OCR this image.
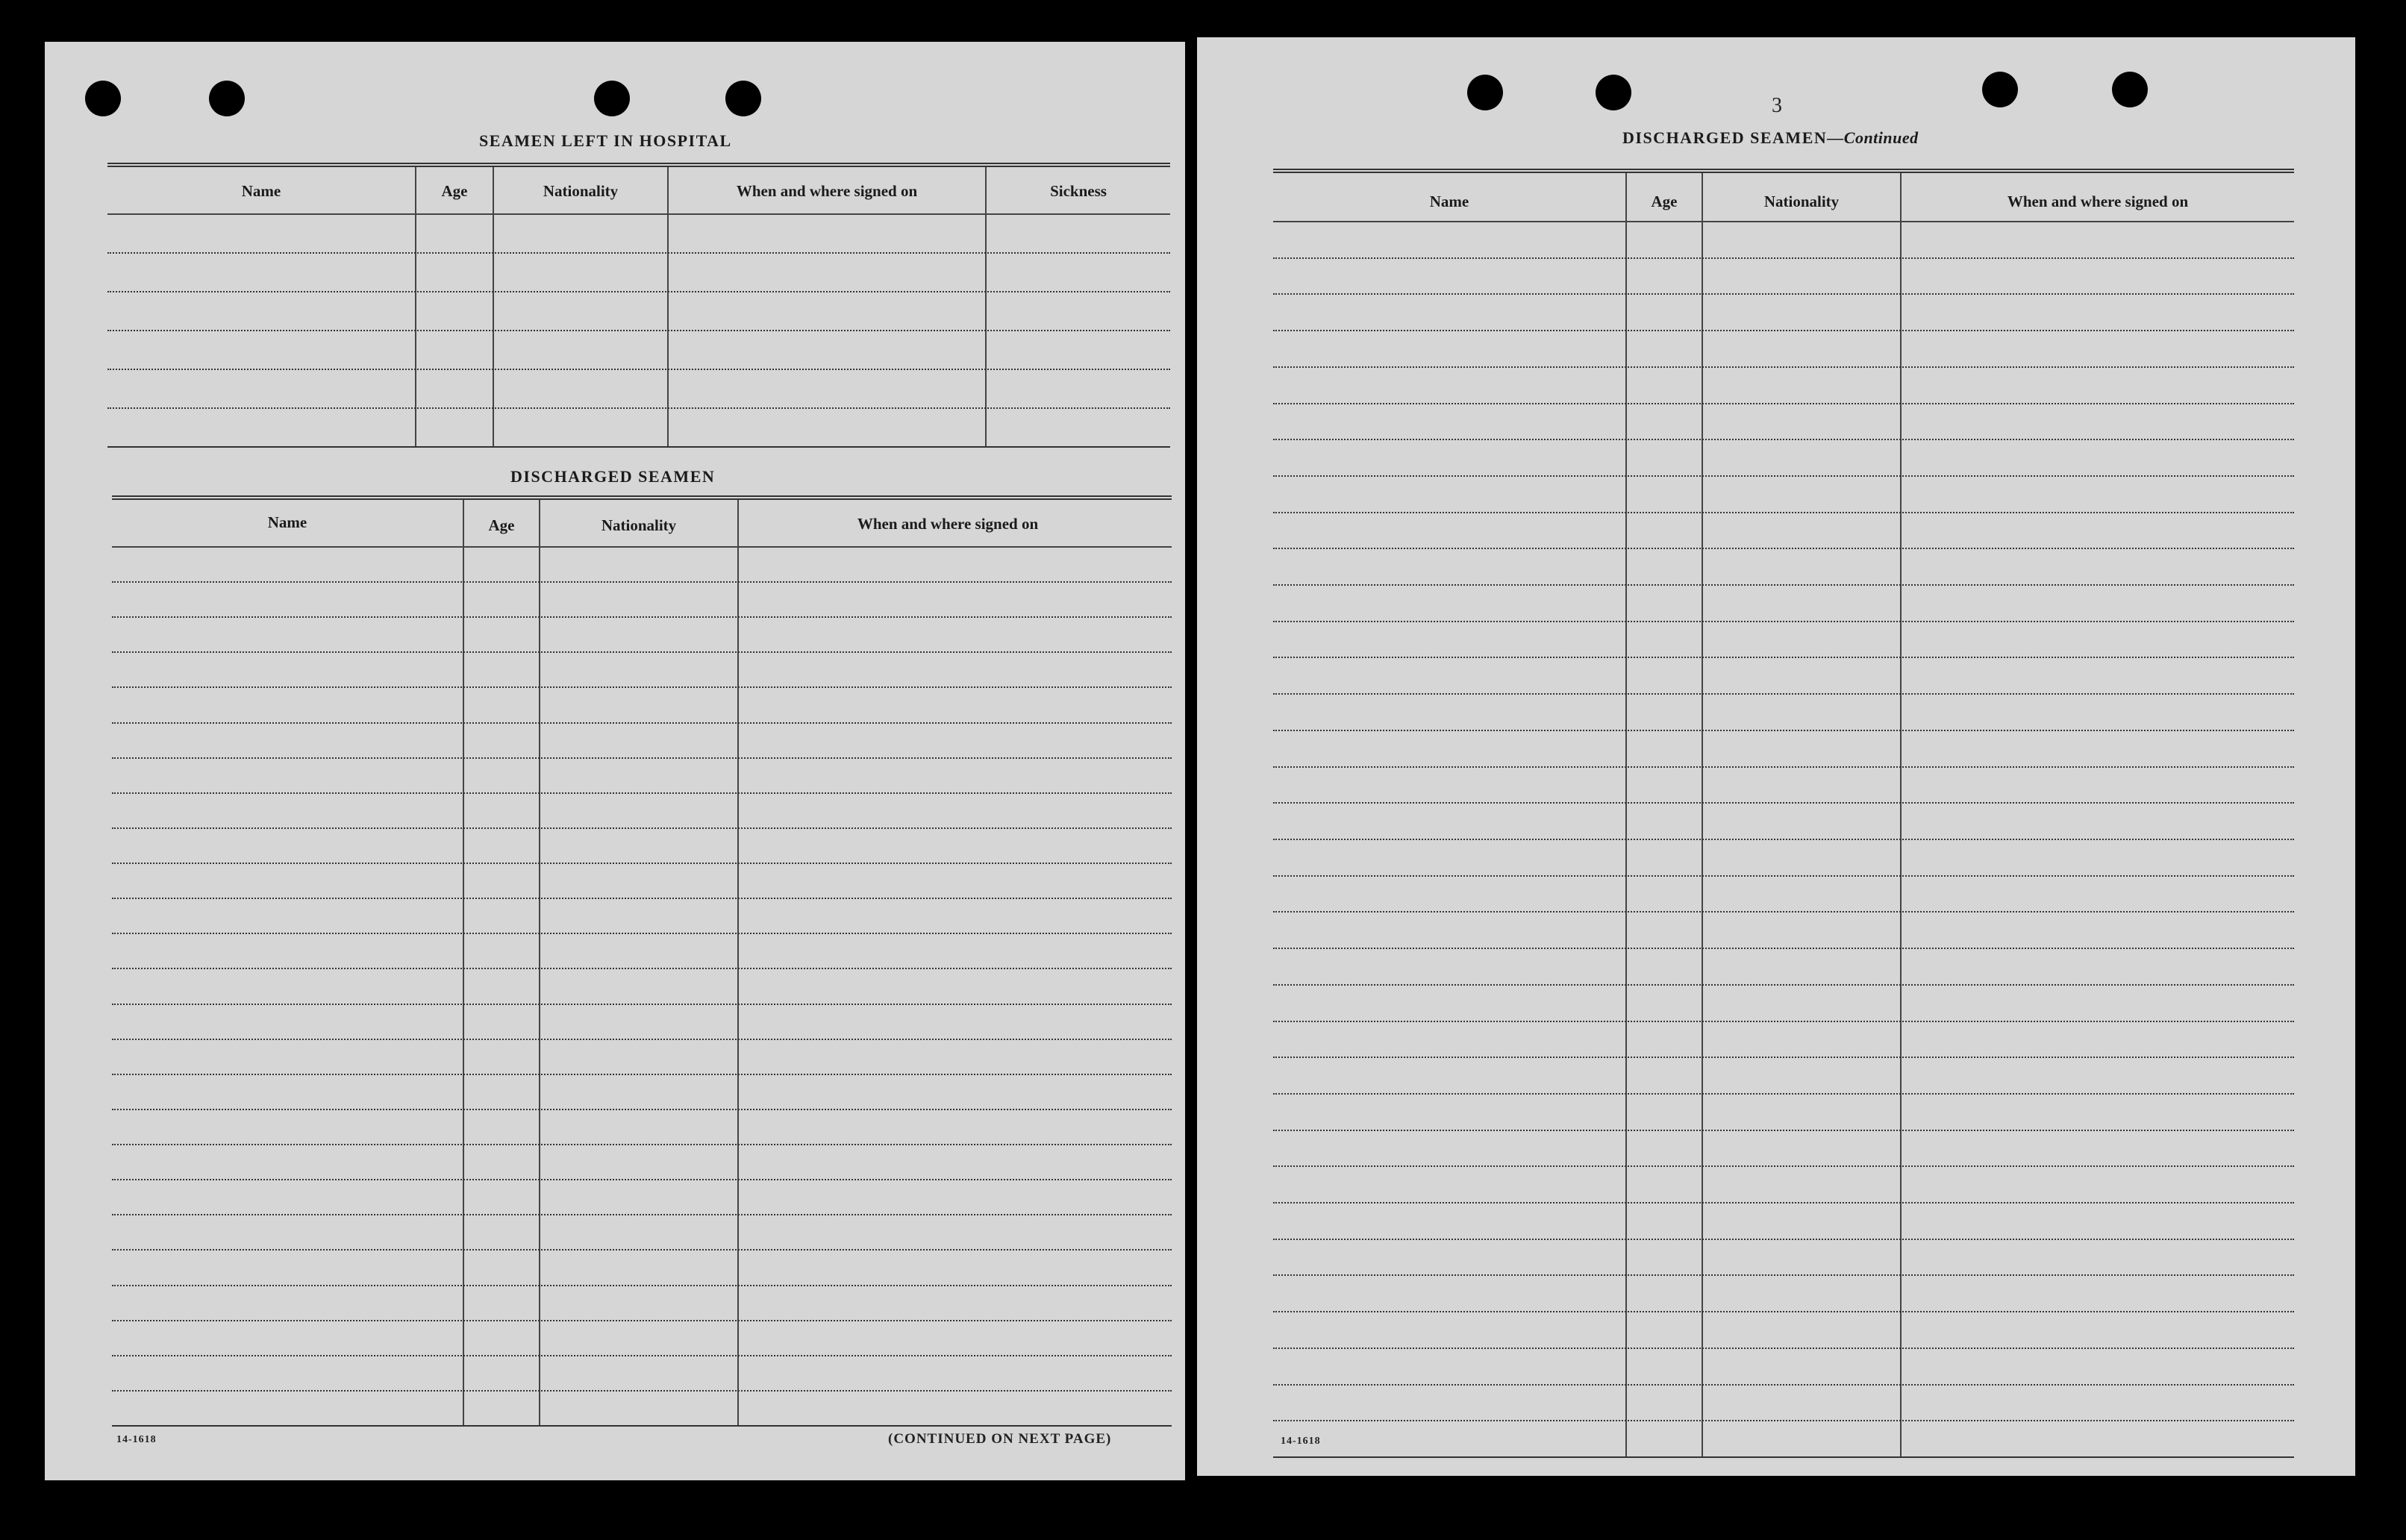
SEAMEN LEFT IN HOSPITAL
Name	Age	Nationality	When and where signed on	Sickness
DISCHARGED SEAMEN
Name	Age	Nationality	When and where signed on
14-1618	(CONTINUED ON NEXT PAGE)
3
DISCHARGED SEAMEN—Continued
Name	Age	Nationality	When and where signed on
14-1618
